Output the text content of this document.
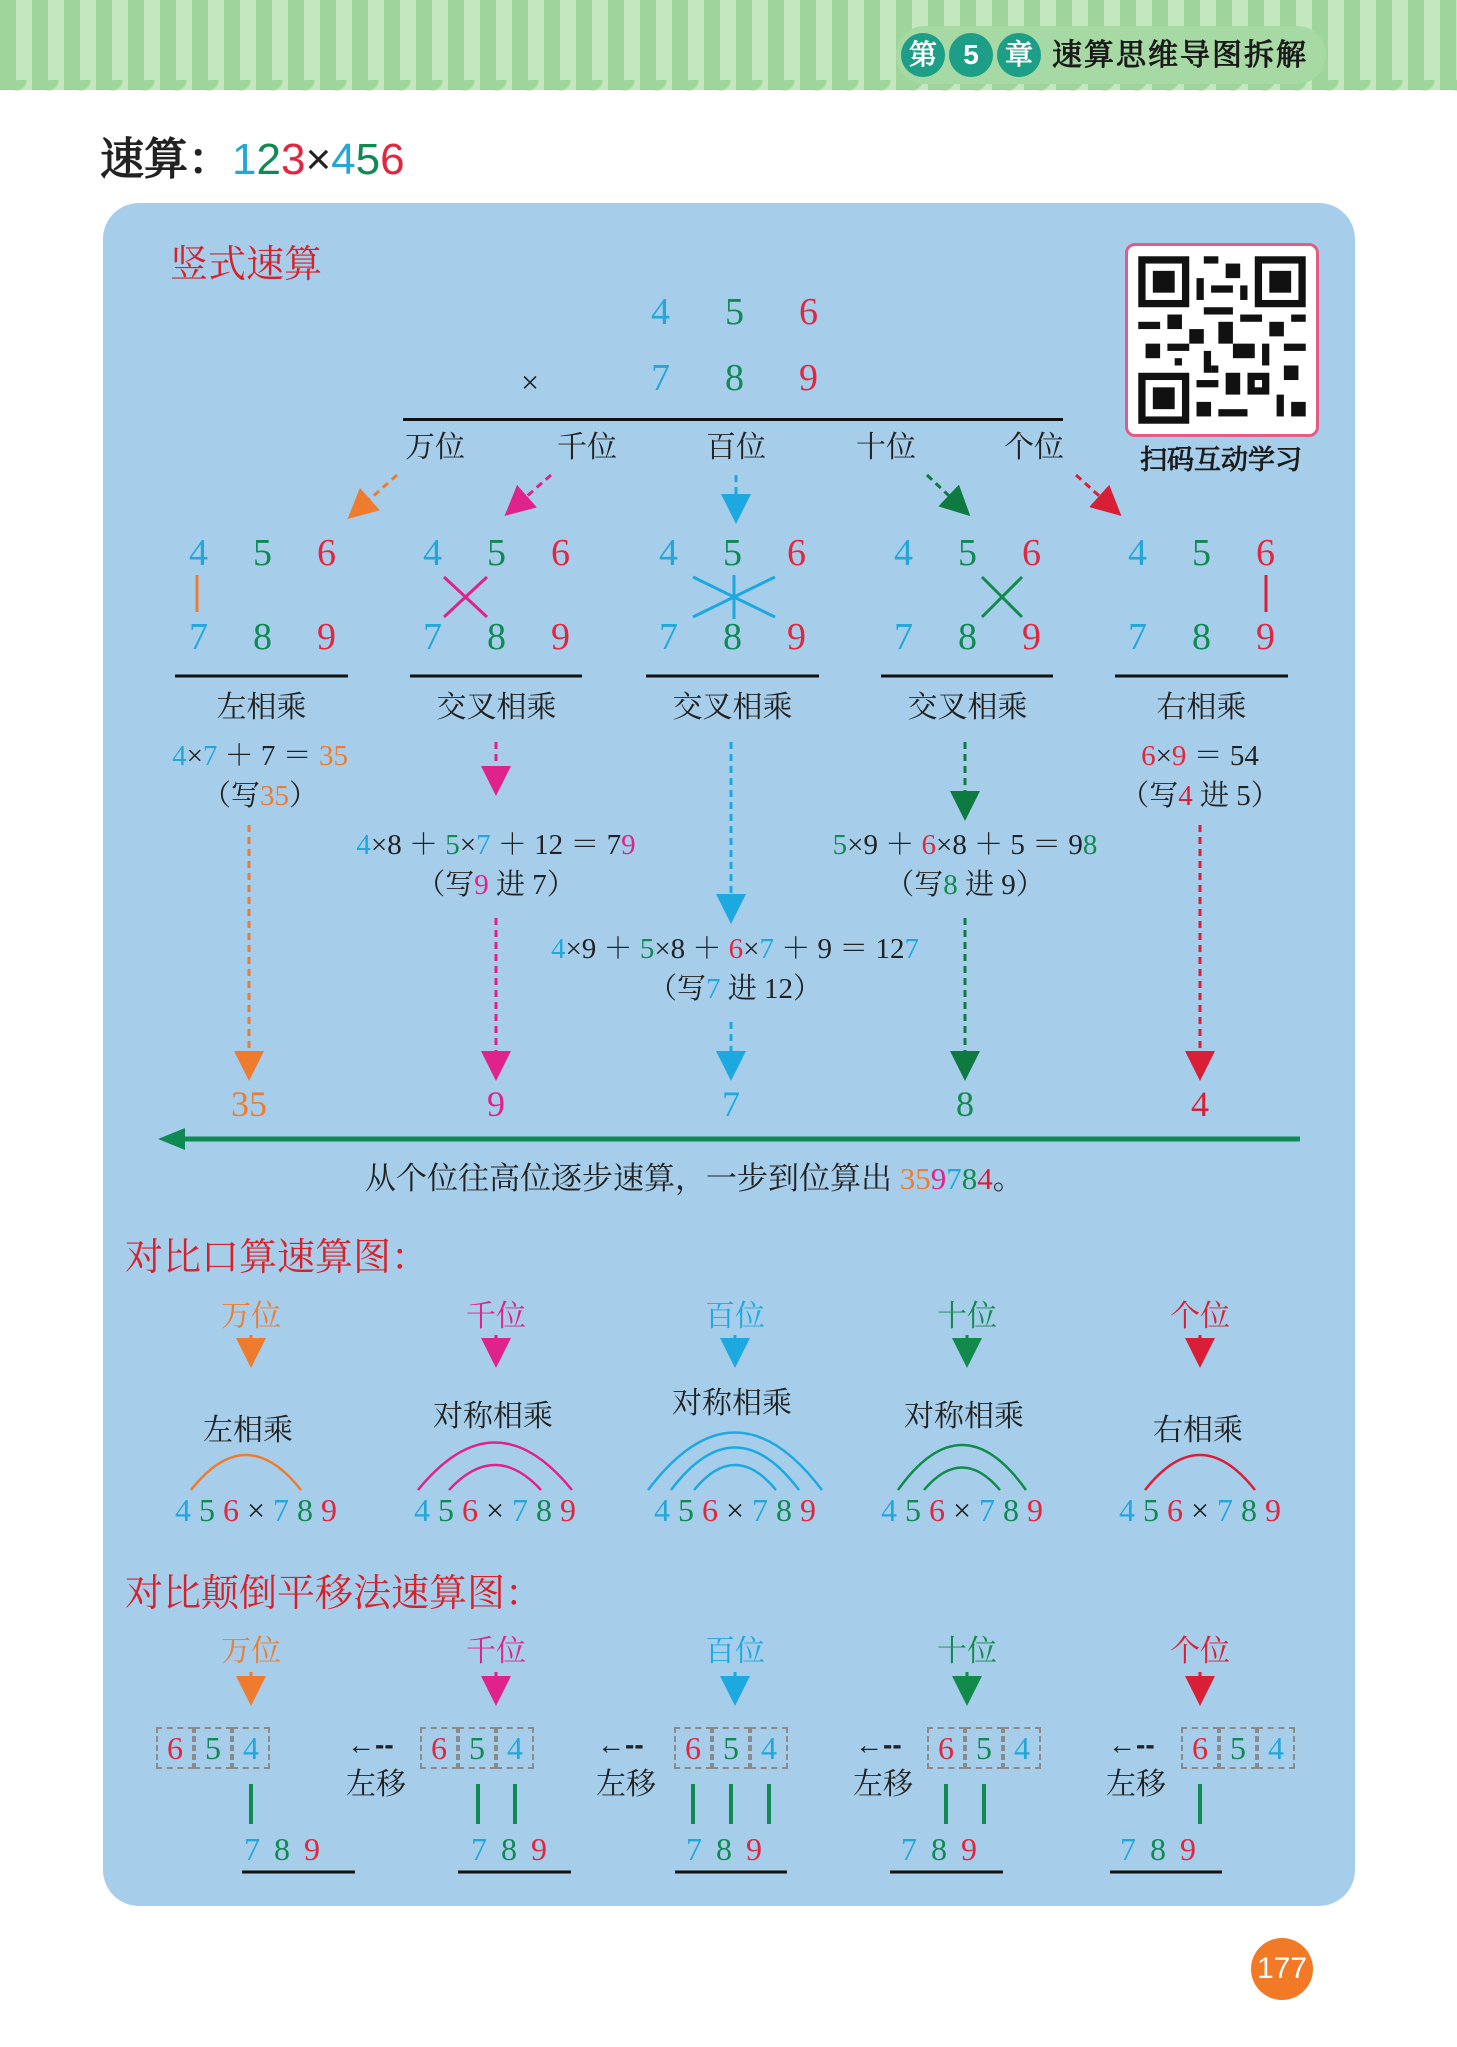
第 5 章 速算思维导图拆解
速算：123×456
扫码互动学习
竖式速算
4 5 6
×	7 8 9
万位	千位	百位	十位	个位
4 5 6
7 8 9
4 5 6
7 8 9
4 5 6
7 8 9
4 5 6
7 8 9
4 5 6
7 8 9
左相乘	交叉相乘	交叉相乘	交叉相乘	右相乘
4×7 ＋ 7 ＝ 35
（写35）
4×8 ＋ 5×7 ＋ 12 ＝ 79
（写9 进 7）
4×9 ＋ 5×8 ＋ 6×7 ＋ 9 ＝ 127
（写7 进 12）
5×9 ＋ 6×8 ＋ 5 ＝ 98
（写8 进 9）
6×9 ＝ 54
（写4 进 5）
35	9	7	8	4
从个位往高位逐步速算，一步到位算出 359784。
对比口算速算图：
万位	千位	百位	十位	个位
左相乘	对称相乘	对称相乘	对称相乘	右相乘
4 5 6 × 7 8 9	4 5 6 × 7 8 9	4 5 6 × 7 8 9	4 5 6 × 7 8 9	4 5 6 × 7 8 9
对比颠倒平移法速算图：
万位	千位	百位	十位	个位
6 5 4	←--
左移
6 5 4	←--
左移
6 5 4	←--
左移
6 5 4	←--
左移
6 5 4
789	789	789	789	789
177
